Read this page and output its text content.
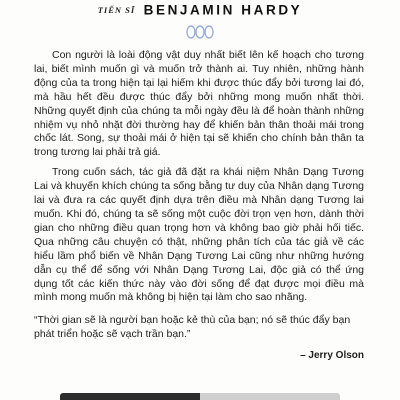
TIẾN SĨ BENJAMIN HARDY

Con người là loài động vật duy nhất biết lên kế hoạch cho tương lai, biết mình muốn gì và muốn trở thành ai. Tuy nhiên, những hành động của ta trong hiện tại lại hiếm khi được thúc đẩy bởi tương lai đó, mà hầu hết đều được thúc đẩy bởi những mong muốn nhất thời. Những quyết định của chúng ta mỗi ngày đều là để hoàn thành những nhiệm vụ nhỏ nhặt đời thường hay để khiến bản thân thoải mái trong chốc lát. Song, sự thoải mái ở hiện tại sẽ khiến cho chính bản thân ta trong tương lai phải trả giá.

Trong cuốn sách, tác giả đã đặt ra khái niệm Nhân Dạng Tương Lai và khuyến khích chúng ta sống bằng tư duy của Nhân dạng Tương lai và đưa ra các quyết định dựa trên điều mà Nhân dạng Tương lai muốn. Khi đó, chúng ta sẽ sống một cuộc đời trọn vẹn hơn, dành thời gian cho những điều quan trọng hơn và không bao giờ phải hối tiếc. Qua những câu chuyện có thật, những phân tích của tác giả về các hiểu lầm phổ biến về Nhân Dạng Tương Lai cũng như những hướng dẫn cụ thể để sống với Nhân Dạng Tương Lai, độc giả có thể ứng dụng tốt các kiến thức này vào đời sống để đạt được mọi điều mà mình mong muốn mà không bị hiện tại làm cho sao nhãng.

“Thời gian sẽ là người bạn hoặc kẻ thù của bạn; nó sẽ thúc đẩy bạn phát triển hoặc sẽ vạch trần bạn.”

– Jerry Olson
